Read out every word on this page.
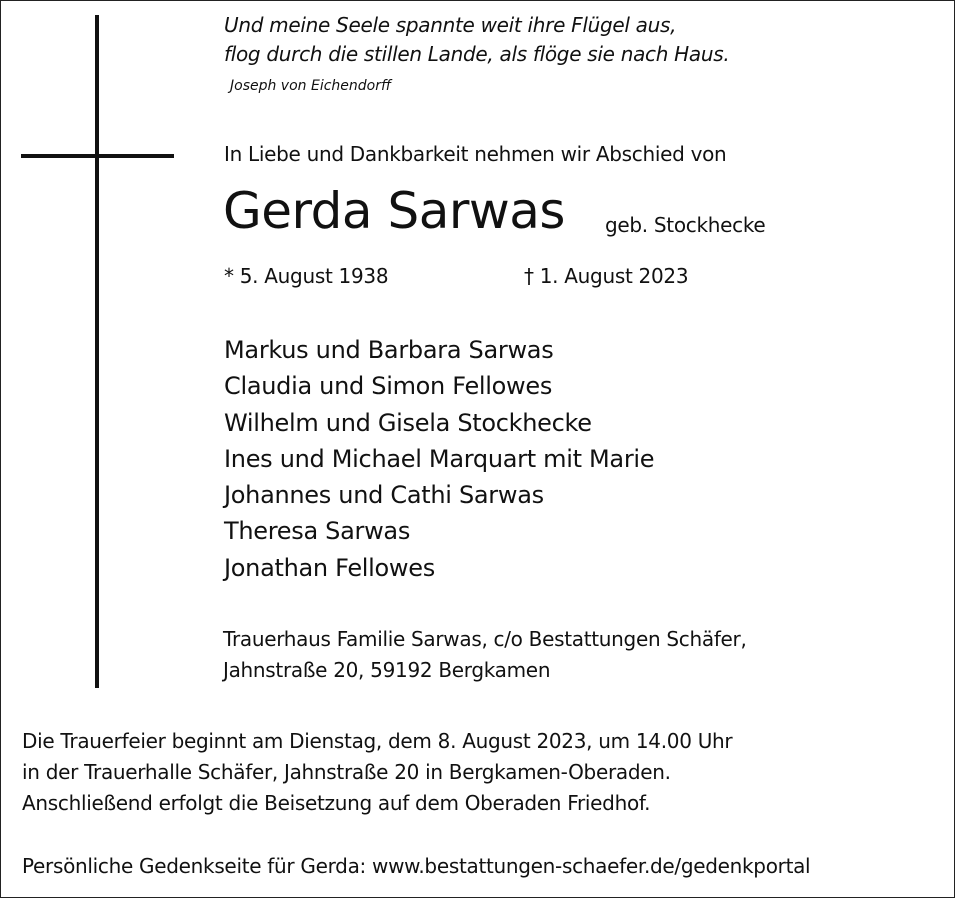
Und meine Seele spannte weit ihre Flügel aus,
flog durch die stillen Lande, als flöge sie nach Haus.
Joseph von Eichendorff
In Liebe und Dankbarkeit nehmen wir Abschied von
Gerda Sarwas geb. Stockhecke
* 5. August 1938	† 1. August 2023
Markus und Barbara Sarwas
Claudia und Simon Fellowes
Wilhelm und Gisela Stockhecke
Ines und Michael Marquart mit Marie
Johannes und Cathi Sarwas
Theresa Sarwas
Jonathan Fellowes
Trauerhaus Familie Sarwas, c/o Bestattungen Schäfer,
Jahnstraße 20, 59192 Bergkamen
Die Trauerfeier beginnt am Dienstag, dem 8. August 2023, um 14.00 Uhr
in der Trauerhalle Schäfer, Jahnstraße 20 in Bergkamen-Oberaden.
Anschließend erfolgt die Beisetzung auf dem Oberaden Friedhof.
Persönliche Gedenkseite für Gerda: www.bestattungen-schaefer.de/gedenkportal
